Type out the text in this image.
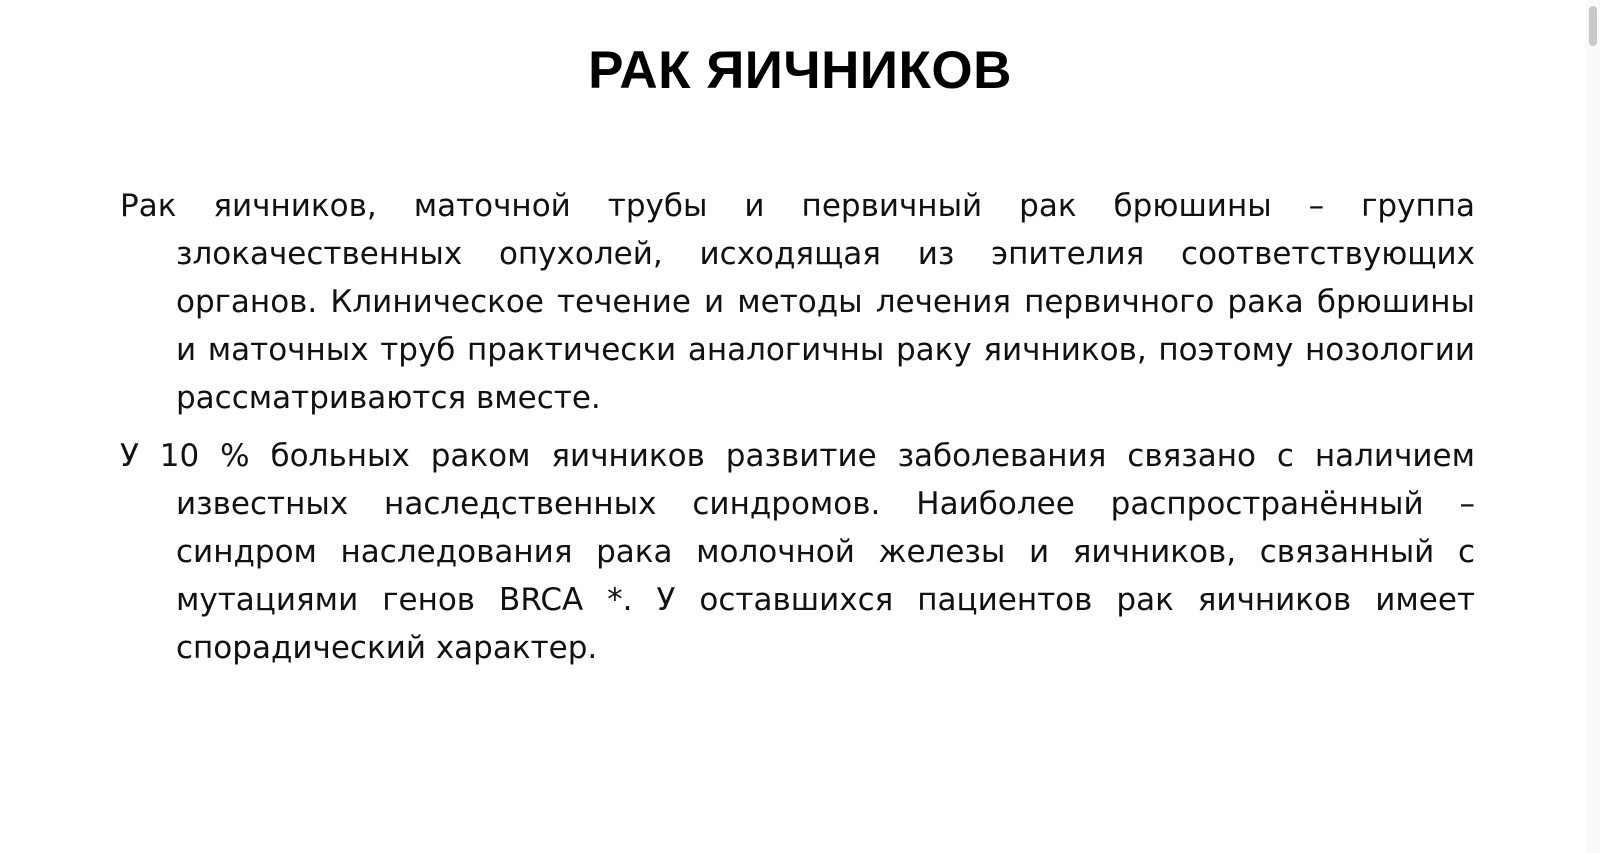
РАК ЯИЧНИКОВ

Рак яичников, маточной трубы и первичный рак брюшины – группа злокачественных опухолей, исходящая из эпителия соответствующих органов. Клиническое течение и методы лечения первичного рака брюшины и маточных труб практически аналогичны раку яичников, поэтому нозологии рассматриваются вместе.

У 10 % больных раком яичников развитие заболевания связано с наличием известных наследственных синдромов. Наиболее распространённый – синдром наследования рака молочной железы и яичников, связанный с мутациями генов BRCA *. У оставшихся пациентов рак яичников имеет спорадический характер.
